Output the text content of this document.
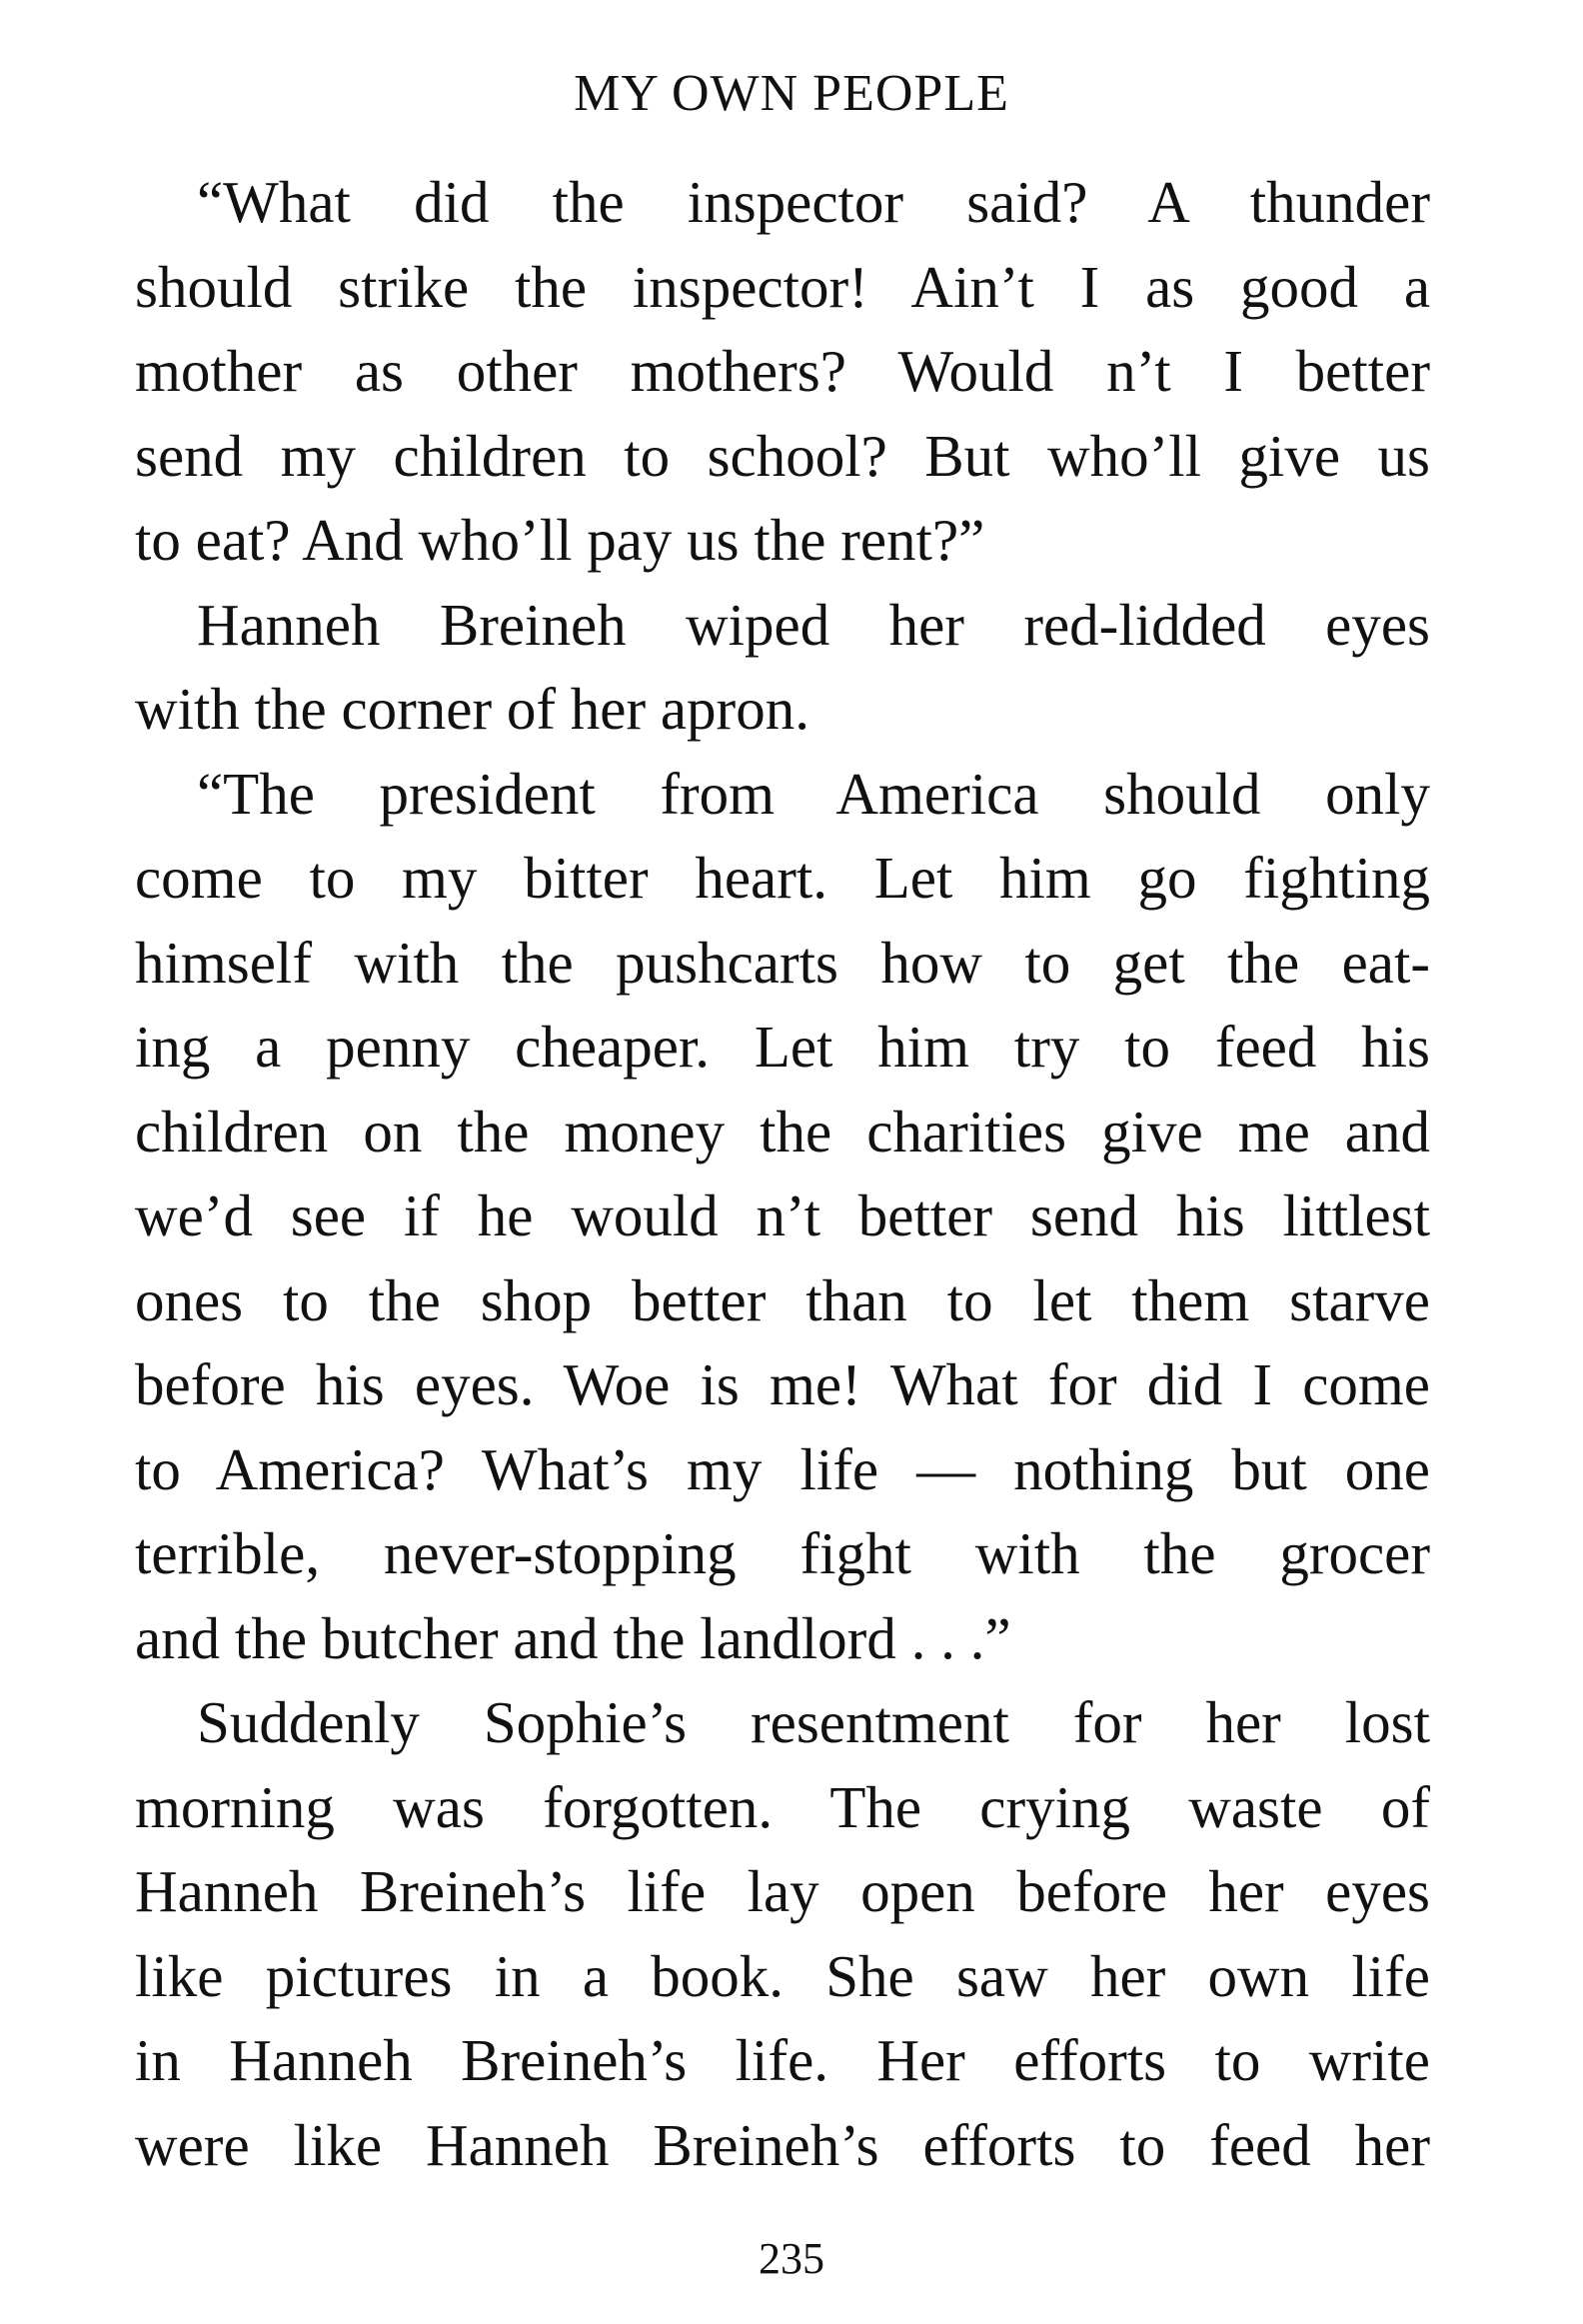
MY OWN PEOPLE
“What did the inspector said? A thunder
should strike the inspector! Ain’t I as good a
mother as other mothers? Would n’t I better
send my children to school? But who’ll give us
to eat? And who’ll pay us the rent?”
Hanneh Breineh wiped her red-lidded eyes
with the corner of her apron.
“The president from America should only
come to my bitter heart. Let him go fighting
himself with the pushcarts how to get the eat-
ing a penny cheaper. Let him try to feed his
children on the money the charities give me and
we’d see if he would n’t better send his littlest
ones to the shop better than to let them starve
before his eyes. Woe is me! What for did I come
to America? What’s my life — nothing but one
terrible, never-stopping fight with the grocer
and the butcher and the landlord . . .”
Suddenly Sophie’s resentment for her lost
morning was forgotten. The crying waste of
Hanneh Breineh’s life lay open before her eyes
like pictures in a book. She saw her own life
in Hanneh Breineh’s life. Her efforts to write
were like Hanneh Breineh’s efforts to feed her
235
